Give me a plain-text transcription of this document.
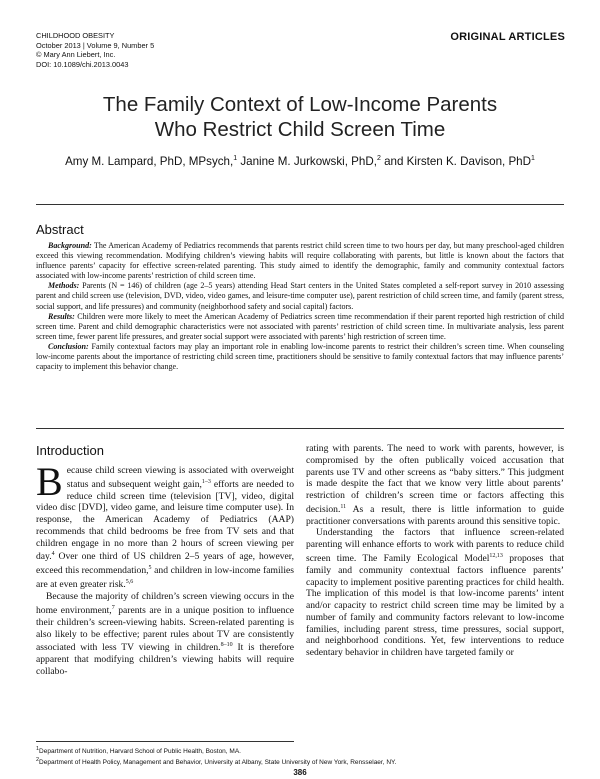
CHILDHOOD OBESITY
October 2013 | Volume 9, Number 5
© Mary Ann Liebert, Inc.
DOI: 10.1089/chi.2013.0043
ORIGINAL ARTICLES
The Family Context of Low-Income Parents
Who Restrict Child Screen Time
Amy M. Lampard, PhD, MPsych,$^1$ Janine M. Jurkowski, PhD,$^2$ and Kirsten K. Davison, PhD$^1$
Abstract

Background: The American Academy of Pediatrics recommends that parents restrict child screen time to two hours per day, but many preschool-aged children exceed this viewing recommendation. Modifying children’s viewing habits will require collaborating with parents, but little is known about the factors that influence parents’ capacity for effective screen-related parenting. This study aimed to identify the demographic, family and community contextual factors associated with low-income parents’ restriction of child screen time.

Methods: Parents (N = 146) of children (age 2–5 years) attending Head Start centers in the United States completed a self-report survey in 2010 assessing parent and child screen use (television, DVD, video, video games, and leisure-time computer use), parent restriction of child screen time, and family (parent stress, social support, and life pressures) and community (neighborhood safety and social capital) factors.

Results: Children were more likely to meet the American Academy of Pediatrics screen time recommendation if their parent reported high restriction of child screen time. Parent and child demographic characteristics were not associated with parents’ restriction of child screen time. In multivariate analysis, less parent screen time, fewer parent life pressures, and greater social support were associated with parents’ high restriction of screen time.

Conclusion: Family contextual factors may play an important role in enabling low-income parents to restrict their children’s screen time. When counseling low-income parents about the importance of restricting child screen time, practitioners should be sensitive to family contextual factors that may influence parents’ capacity to implement this behavior change.

Introduction

Because child screen viewing is associated with overweight status and subsequent weight gain,$^{1-3}$ efforts are needed to reduce child screen time (television [TV], video, digital video disc [DVD], video game, and leisure time computer use). In response, the American Academy of Pediatrics (AAP) recommends that child bedrooms be free from TV sets and that children engage in no more than 2 hours of screen viewing per day.$^4$ Over one third of US children 2–5 years of age, however, exceed this recommendation,$^5$ and children in low-income families are at even greater risk.$^{5,6}$

Because the majority of children’s screen viewing occurs in the home environment,$^7$ parents are in a unique position to influence their children’s screen-viewing habits. Screen-related parenting is also likely to be effective; parent rules about TV are consistently associated with less TV viewing in children.$^{8-10}$ It is therefore apparent that modifying children’s viewing habits will require collabo-

rating with parents. The need to work with parents, however, is compromised by the often publically voiced accusation that parents use TV and other screens as “baby sitters.” This judgment is made despite the fact that we know very little about parents’ restriction of children’s screen time or factors affecting this decision.$^{11}$ As a result, there is little information to guide practitioner conversations with parents around this sensitive topic.

Understanding the factors that influence screen-related parenting will enhance efforts to work with parents to reduce child screen time. The Family Ecological Model$^{12,13}$ proposes that family and community contextual factors influence parents’ capacity to implement positive parenting practices for child health. The implication of this model is that low-income parents’ intent and/or capacity to restrict child screen time may be limited by a number of family and community factors relevant to low-income families, including parent stress, time pressures, social support, and neighborhood conditions. Yet, few interventions to reduce sedentary behavior in children have targeted family or

$^1$Department of Nutrition, Harvard School of Public Health, Boston, MA.
$^2$Department of Health Policy, Management and Behavior, University at Albany, State University of New York, Rensselaer, NY.
386
